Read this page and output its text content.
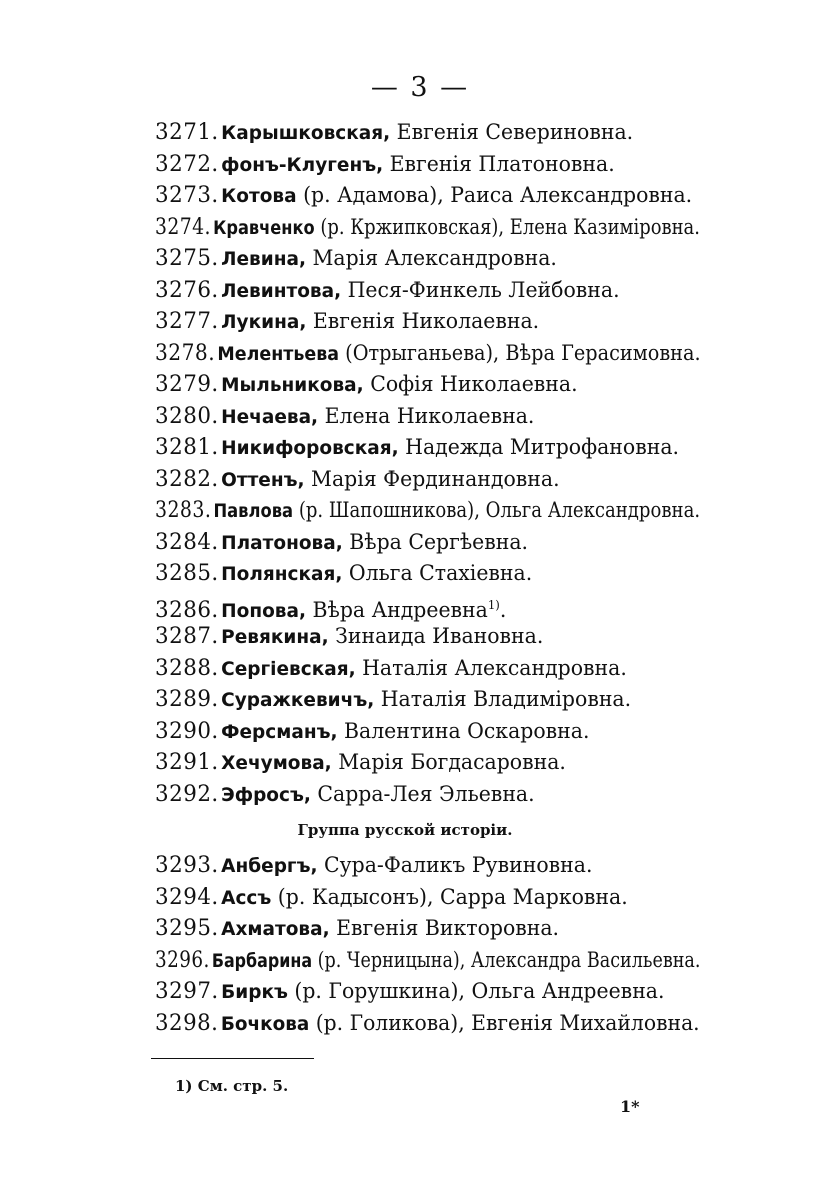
— 3 —
3271. Карышковская, Евгенія Севериновна.
3272. фонъ-Клугенъ, Евгенія Платоновна.
3273. Котова (р. Адамова), Раиса Александровна.
3274. Кравченко (р. Кржипковская), Елена Казиміровна.
3275. Левина, Марія Александровна.
3276. Левинтова, Песя-Финкель Лейбовна.
3277. Лукина, Евгенія Николаевна.
3278. Мелентьева (Отрыганьева), Вѣра Герасимовна.
3279. Мыльникова, Софія Николаевна.
3280. Нечаева, Елена Николаевна.
3281. Никифоровская, Надежда Митрофановна.
3282. Оттенъ, Марія Фердинандовна.
3283. Павлова (р. Шапошникова), Ольга Александровна.
3284. Платонова, Вѣра Сергѣевна.
3285. Полянская, Ольга Стахіевна.
3286. Попова, Вѣра Андреевна$^{1)}$.
3287. Ревякина, Зинаида Ивановна.
3288. Сергіевская, Наталія Александровна.
3289. Суражкевичъ, Наталія Владиміровна.
3290. Ферсманъ, Валентина Оскаровна.
3291. Хечумова, Марія Богдасаровна.
3292. Эфросъ, Сарра-Лея Эльевна.
Группа русской исторіи.
3293. Анбергъ, Сура-Фаликъ Рувиновна.
3294. Ассъ (р. Кадысонъ), Сарра Марковна.
3295. Ахматова, Евгенія Викторовна.
3296. Барбарина (р. Черницына), Александра Васильевна.
3297. Биркъ (р. Горушкина), Ольга Андреевна.
3298. Бочкова (р. Голикова), Евгенія Михайловна.
1) См. стр. 5.
1*
